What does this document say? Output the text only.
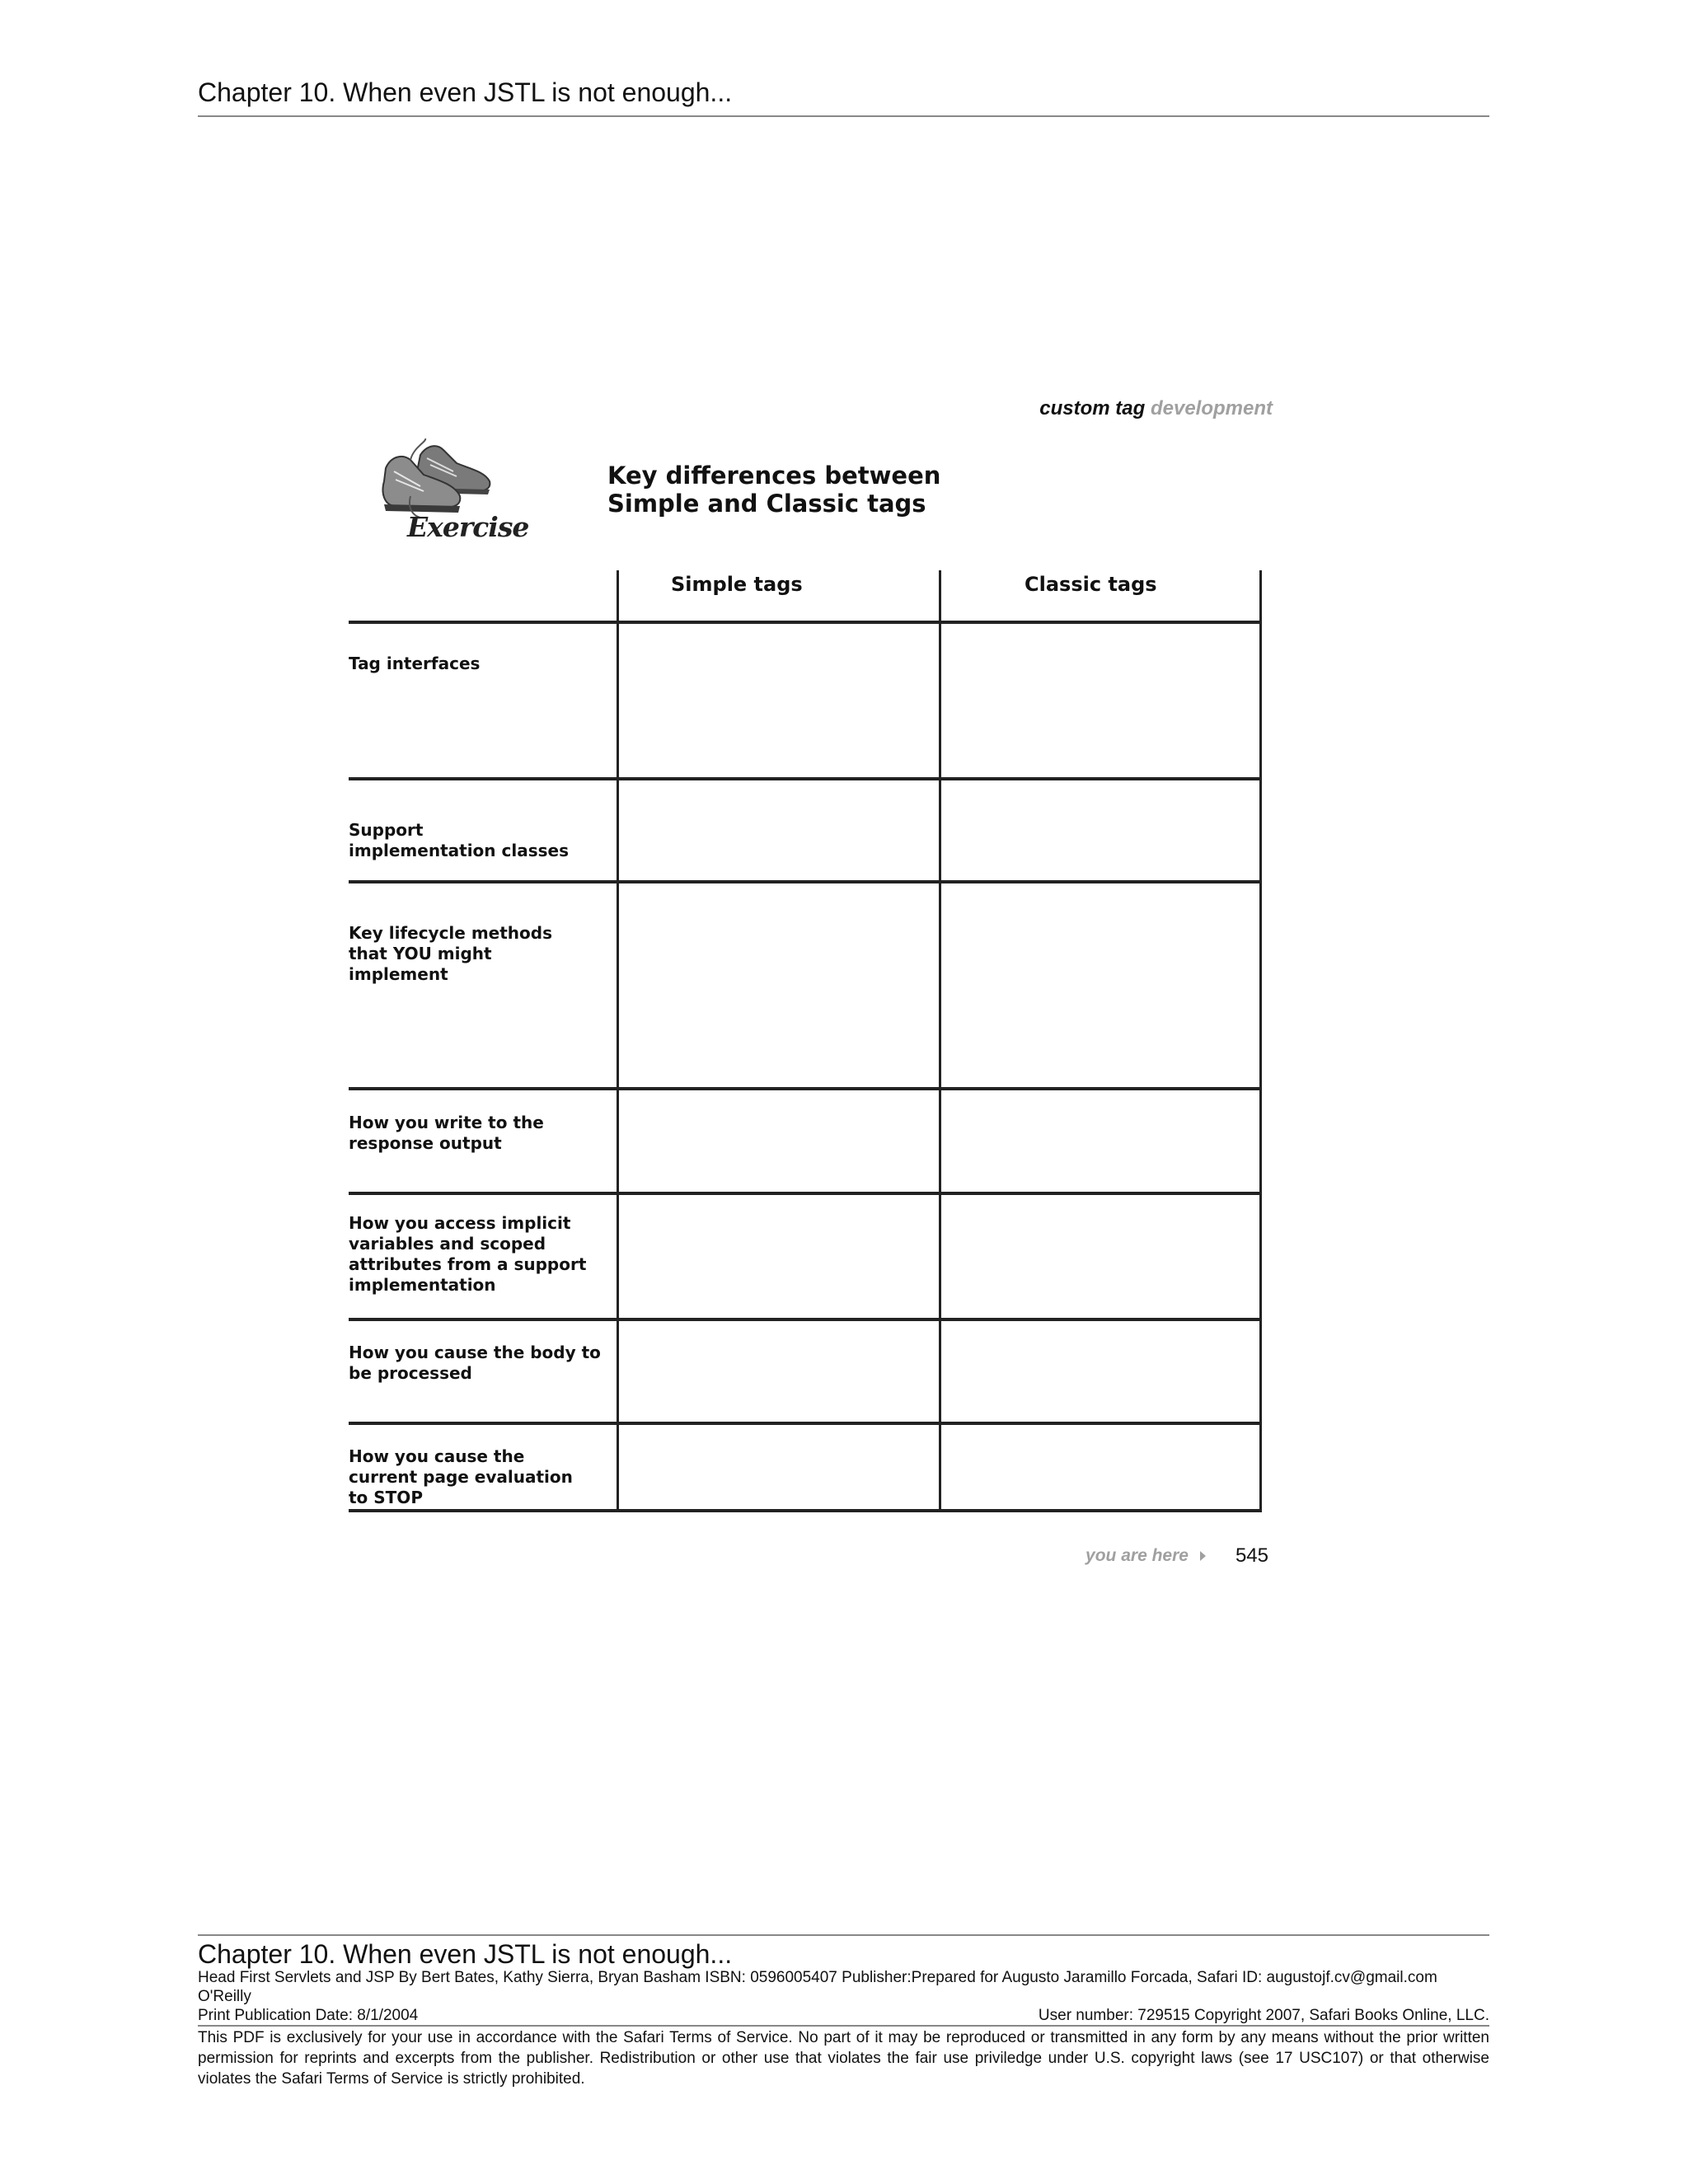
Chapter 10. When even JSTL is not enough...
custom tag development
Exercise
Key differences between
Simple and Classic tags
Simple tags	Classic tags
Tag interfaces
Support implementation classes
Key lifecycle methods that YOU might implement
How you write to the response output
How you access implicit variables and scoped attributes from a support implementation
How you cause the body to be processed
How you cause the current page evaluation to STOP
you are here 545
Chapter 10. When even JSTL is not enough...
Head First Servlets and JSP By Bert Bates, Kathy Sierra, Bryan Basham ISBN: 0596005407 Publisher:Prepared for Augusto Jaramillo Forcada, Safari ID: augustojf.cv@gmail.com
O'Reilly
Print Publication Date: 8/1/2004	User number: 729515 Copyright 2007, Safari Books Online, LLC.
This PDF is exclusively for your use in accordance with the Safari Terms of Service. No part of it may be reproduced or transmitted in any form by any means without the prior written permission for reprints and excerpts from the publisher. Redistribution or other use that violates the fair use priviledge under U.S. copyright laws (see 17 USC107) or that otherwise violates the Safari Terms of Service is strictly prohibited.
